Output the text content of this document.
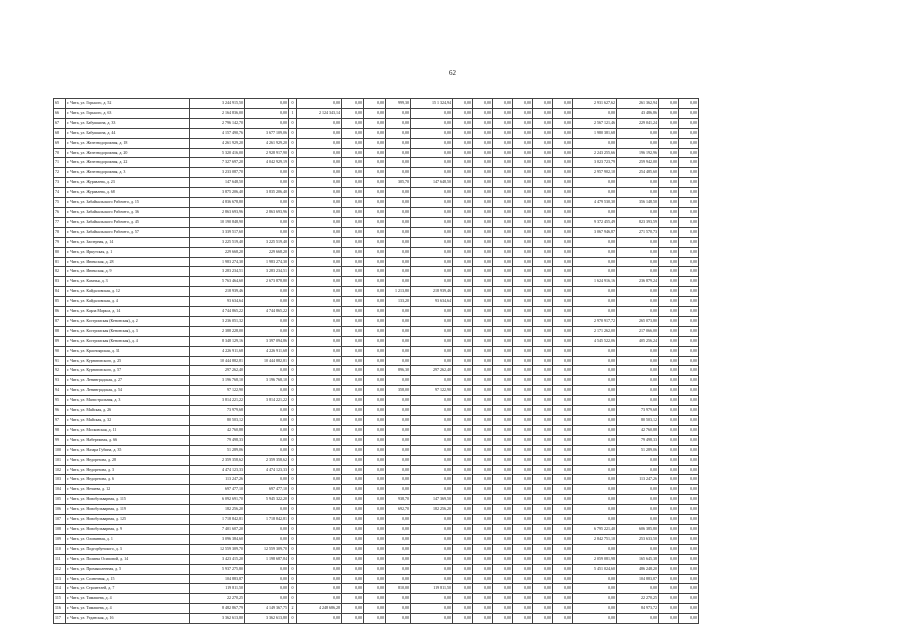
62
65	г. Чита, ул. Горького, д. 52	3 244 915,50	0,00	0	0,00	0,00	0,00	999,30	15 1 324,94	0,00	0,00	0,00	0,00	0,00	0,00	2 931 627,62	261 362,94	0,00	0,00
66	г. Чита, ул. Горького, д. 63	2 164 836,00	0,00	1	2 124 343,14	0,00	0,00	0,00	0,00	0,00	0,00	0,00	0,00	0,00	0,00	0,00	43 486,86	0,00	0,00
67	г. Чита, ул. Бабушкина, д. 33	2 796 142,70	0,00	0	0,00	0,00	0,00	0,00	0,00	0,00	0,00	0,00	0,00	0,00	0,00	2 567 121,46	229 041,24	0,00	0,00
68	г. Чита, ул. Бабушкина, д. 44	4 157 490,76	3 677 109,06	0	0,00	0,00	0,00	0,00	0,00	0,00	0,00	0,00	0,00	0,00	0,00	1 980 381,68	0,00	0,00	0,00
69	г. Чита, ул. Железнодорожная, д. 18	4 261 929,20	4 261 929,20	0	0,00	0,00	0,00	0,00	0,00	0,00	0,00	0,00	0,00	0,00	0,00	0,00	0,00	0,00	0,00
70	г. Чита, ул. Железнодорожная, д. 20	5 320 416,00	2 928 917,90	0	0,00	0,00	0,00	0,00	0,00	0,00	0,00	0,00	0,00	0,00	0,00	2 243 255,66	196 192,96	0,00	0,00
71	г. Чита, ул. Железнодорожная, д. 22	7 327 697,20	4 042 929,19	0	0,00	0,00	0,00	0,00	0,00	0,00	0,00	0,00	0,00	0,00	0,00	3 023 723,79	259 942,00	0,00	0,00
72	г. Чита, ул. Железнодорожная, д. 3	3 233 087,70	0,00	0	0,00	0,00	0,00	0,00	0,00	0,00	0,00	0,00	0,00	0,00	0,00	2 957 902,10	254 485,60	0,00	0,00
73	г. Чита, ул. Журавлева, д. 23	147 648,50	0,00	0	0,00	0,00	0,00	305,70	147 648,50	0,00	0,00	0,00	0,00	0,00	0,00	0,00	0,00	0,00	0,00
74	г. Чита, ул. Журавлева, д. 68	3 875 206,40	3 835 206,40	0	0,00	0,00	0,00	0,00	0,00	0,00	0,00	0,00	0,00	0,00	0,00	0,00	0,00	0,00	0,00
75	г. Чита, ул. Забайкальского Рабочего, д. 15	4 836 678,80	0,00	0	0,00	0,00	0,00	0,00	0,00	0,00	0,00	0,00	0,00	0,00	0,00	4 479 530,30	356 148,50	0,00	0,00
76	г. Чита, ул. Забайкальского Рабочего, д. 36	2 863 693,96	2 863 693,96	0	0,00	0,00	0,00	0,00	0,00	0,00	0,00	0,00	0,00	0,00	0,00	0,00	0,00	0,00	0,00
77	г. Чита, ул. Забайкальского Рабочего, д. 45	10 190 848,90	0,00	0	0,00	0,00	0,00	0,00	0,00	0,00	0,00	0,00	0,00	0,00	0,00	9 372 455,49	823 393,59	0,00	0,00
78	г. Чита, ул. Забайкальского Рабочего, д. 57	3 339 517,60	0,00	0	0,00	0,00	0,00	0,00	0,00	0,00	0,00	0,00	0,00	0,00	0,00	3 067 946,87	271 570,73	0,00	0,00
79	г. Чита, ул. Заозерная, д. 14	3 225 519,40	3 225 519,40	0	0,00	0,00	0,00	0,00	0,00	0,00	0,00	0,00	0,00	0,00	0,00	0,00	0,00	0,00	0,00
80	г. Чита, ул. Иркутская, д. 1	229 668,20	229 668,20	0	0,00	0,00	0,00	0,00	0,00	0,00	0,00	0,00	0,00	0,00	0,00	0,00	0,00	0,00	0,00
81	г. Чита, ул. Июньская, д. 28	1 983 274,30	1 983 274,30	0	0,00	0,00	0,00	0,00	0,00	0,00	0,00	0,00	0,00	0,00	0,00	0,00	0,00	0,00	0,00
82	г. Чита, ул. Июньская, д. 9	3 283 234,51	3 283 234,51	0	0,00	0,00	0,00	0,00	0,00	0,00	0,00	0,00	0,00	0,00	0,00	0,00	0,00	0,00	0,00
83	г. Чита, ул. Казачья, д. 3	5 763 464,60	2 673 878,80	0	0,00	0,00	0,00	0,00	0,00	0,00	0,00	0,00	0,00	0,00	0,00	1 624 916,16	236 879,24	0,00	0,00
84	г. Чита, ул. Кайдаловская, д. 12	218 939,46	0,00	0	0,00	0,00	0,00	1 213,80	218 939,46	0,00	0,00	0,00	0,00	0,00	0,00	0,00	0,00	0,00	0,00
85	г. Чита, ул. Кайдаловская, д. 4	93 634,64	0,00	0	0,00	0,00	0,00	133,20	93 634,64	0,00	0,00	0,00	0,00	0,00	0,00	0,00	0,00	0,00	0,00
86	г. Чита, ул. Карла Маркса, д. 14	4 744 865,22	4 744 865,22	0	0,00	0,00	0,00	0,00	0,00	0,00	0,00	0,00	0,00	0,00	0,00	0,00	0,00	0,00	0,00
87	г. Чита, ул. Костромская (Кенонская), д. 2	3 236 051,32	0,00	0	0,00	0,00	0,00	0,00	0,00	0,00	0,00	0,00	0,00	0,00	0,00	2 970 917,72	265 073,80	0,00	0,00
88	г. Чита, ул. Костромская (Кенонская), д. 3	2 388 228,00	0,00	0	0,00	0,00	0,00	0,00	0,00	0,00	0,00	0,00	0,00	0,00	0,00	2 171 262,00	217 066,00	0,00	0,00
89	г. Чита, ул. Костромская (Кенонская), д. 4	8 348 129,16	3 397 094,86	0	0,00	0,00	0,00	0,00	0,00	0,00	0,00	0,00	0,00	0,00	0,00	4 545 522,06	405 256,24	0,00	0,00
90	г. Чита, ул. Красноярская, д. 31	4 226 911,68	4 226 911,68	0	0,00	0,00	0,00	0,00	0,00	0,00	0,00	0,00	0,00	0,00	0,00	0,00	0,00	0,00	0,00
91	г. Чита, ул. Курнатовского, д. 25	10 444 882,81	10 444 882,81	0	0,00	0,00	0,00	0,00	0,00	0,00	0,00	0,00	0,00	0,00	0,00	0,00	0,00	0,00	0,00
92	г. Чита, ул. Курнатовского, д. 57	297 262,40	0,00	0	0,00	0,00	0,00	896,30	297 262,40	0,00	0,00	0,00	0,00	0,00	0,00	0,00	0,00	0,00	0,00
93	г. Чита, ул. Ленинградская, д. 27	3 196 768,10	3 196 768,10	0	0,00	0,00	0,00	0,00	0,00	0,00	0,00	0,00	0,00	0,00	0,00	0,00	0,00	0,00	0,00
94	г. Чита, ул. Ленинградская, д. 54	97 122,90	0,00	0	0,00	0,00	0,00	358,00	97 122,90	0,00	0,00	0,00	0,00	0,00	0,00	0,00	0,00	0,00	0,00
95	г. Чита, ул. Магистральная, д. 3	3 814 221,22	3 814 221,22	0	0,00	0,00	0,00	0,00	0,00	0,00	0,00	0,00	0,00	0,00	0,00	0,00	0,00	0,00	0,00
96	г. Чита, ул. Майская, д. 26	73 979,68	0,00	0	0,00	0,00	0,00	0,00	0,00	0,00	0,00	0,00	0,00	0,00	0,00	0,00	73 979,68	0,00	0,00
97	г. Чита, ул. Майская, д. 32	80 503,12	0,00	0	0,00	0,00	0,00	0,00	0,00	0,00	0,00	0,00	0,00	0,00	0,00	0,00	80 503,12	0,00	0,00
98	г. Чита, ул. Московская, д. 11	42 760,88	0,00	0	0,00	0,00	0,00	0,00	0,00	0,00	0,00	0,00	0,00	0,00	0,00	0,00	42 760,88	0,00	0,00
99	г. Чита, ул. Набережная, д. 66	79 498,33	0,00	0	0,00	0,00	0,00	0,00	0,00	0,00	0,00	0,00	0,00	0,00	0,00	0,00	79 498,33	0,00	0,00
100	г. Чита, ул. Назара Губина, д. 35	51 289,06	0,00	0	0,00	0,00	0,00	0,00	0,00	0,00	0,00	0,00	0,00	0,00	0,00	0,00	51 289,06	0,00	0,00
101	г. Чита, ул. Недорезова, д. 28	2 359 358,62	2 359 358,62	0	0,00	0,00	0,00	0,00	0,00	0,00	0,00	0,00	0,00	0,00	0,00	0,00	0,00	0,00	0,00
102	г. Чита, ул. Недорезова, д. 3	4 474 123,33	4 474 123,33	0	0,00	0,00	0,00	0,00	0,00	0,00	0,00	0,00	0,00	0,00	0,00	0,00	0,00	0,00	0,00
103	г. Чита, ул. Недорезова, д. 6	113 247,26	0,00	0	0,00	0,00	0,00	0,00	0,00	0,00	0,00	0,00	0,00	0,00	0,00	0,00	113 247,26	0,00	0,00
104	г. Чита, ул. Нечаева, д. 12	697 477,10	697 477,10	0	0,00	0,00	0,00	0,00	0,00	0,00	0,00	0,00	0,00	0,00	0,00	0,00	0,00	0,00	0,00
105	г. Чита, ул. Новобульварная, д. 115	6 092 691,70	5 945 322,20	0	0,00	0,00	0,00	938,70	147 369,50	0,00	0,00	0,00	0,00	0,00	0,00	0,00	0,00	0,00	0,00
106	г. Чита, ул. Новобульварная, д. 119	182 256,20	0,00	0	0,00	0,00	0,00	692,70	182 256,20	0,00	0,00	0,00	0,00	0,00	0,00	0,00	0,00	0,00	0,00
107	г. Чита, ул. Новобульварная, д. 125	1 718 842,81	1 718 842,81	0	0,00	0,00	0,00	0,00	0,00	0,00	0,00	0,00	0,00	0,00	0,00	0,00	0,00	0,00	0,00
108	г. Чита, ул. Новобульварная, д. 9	7 401 607,20	0,00	0	0,00	0,00	0,00	0,00	0,00	0,00	0,00	0,00	0,00	0,00	0,00	6 795 221,40	606 385,80	0,00	0,00
109	г. Чита, ул. Оловянная, д. 1	3 096 384,60	0,00	0	0,00	0,00	0,00	0,00	0,00	0,00	0,00	0,00	0,00	0,00	0,00	2 842 751,10	253 633,50	0,00	0,00
110	г. Чита, ул. Подгорбунского, д. 3	12 559 309,70	12 559 309,70	0	0,00	0,00	0,00	0,00	0,00	0,00	0,00	0,00	0,00	0,00	0,00	0,00	0,00	0,00	0,00
111	г. Чита, ул. Полины Осиповой, д. 14	3 423 415,20	1 198 687,84	0	0,00	0,00	0,00	0,00	0,00	0,00	0,00	0,00	0,00	0,00	0,00	2 059 081,98	165 645,38	0,00	0,00
112	г. Чита, ул. Промышленная, д. 5	5 937 275,80	0,00	0	0,00	0,00	0,00	0,00	0,00	0,00	0,00	0,00	0,00	0,00	0,00	5 451 024,60	486 248,20	0,00	0,00
113	г. Чита, ул. Солнечная, д. 15	104 883,87	0,00	0	0,00	0,00	0,00	0,00	0,00	0,00	0,00	0,00	0,00	0,00	0,00	0,00	104 883,87	0,00	0,00
114	г. Чита, ул. Строителей, д. 7	119 811,50	0,00	0	0,00	0,00	0,00	810,00	119 811,50	0,00	0,00	0,00	0,00	0,00	0,00	0,00	0,00	0,00	0,00
115	г. Чита, ул. Тимашева, д. 4	22 270,25	0,00	0	0,00	0,00	0,00	0,00	0,00	0,00	0,00	0,00	0,00	0,00	0,00	0,00	22 270,25	0,00	0,00
116	г. Чита, ул. Тимашева, д. 4	8 482 867,79	4 149 367,75	2	4 248 686,28	0,00	0,00	0,00	0,00	0,00	0,00	0,00	0,00	0,00	0,00	0,00	84 973,72	0,00	0,00
117	г. Чита, ул. Угданская, д. 16	3 362 613,80	3 362 613,80	0	0,00	0,00	0,00	0,00	0,00	0,00	0,00	0,00	0,00	0,00	0,00	0,00	0,00	0,00	0,00
